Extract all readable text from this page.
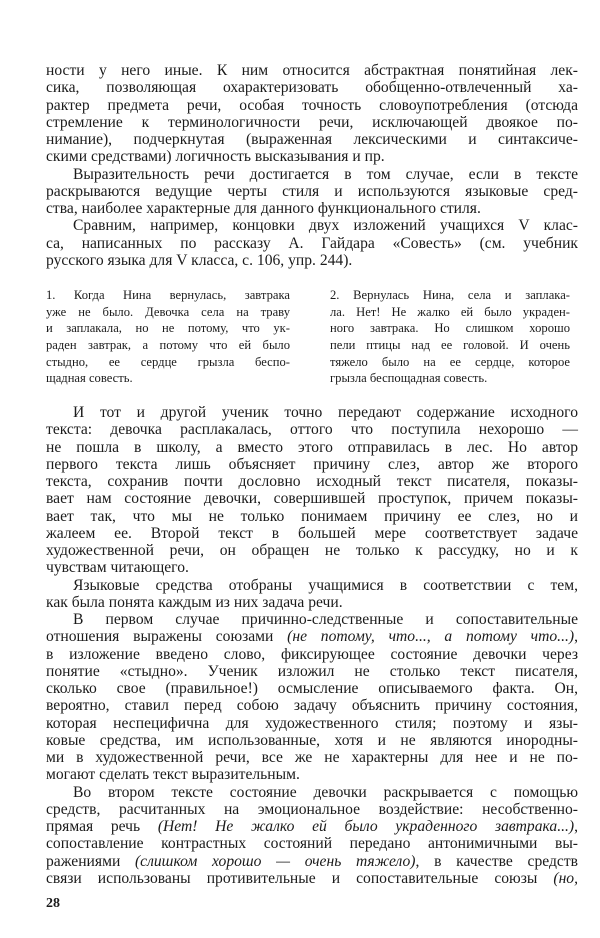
ности у него иные. К ним относится абстрактная понятийная лек-
сика, позволяющая охарактеризовать обобщенно-отвлеченный ха-
рактер предмета речи, особая точность словоупотребления (отсюда
стремление к терминологичности речи, исключающей двоякое по-
нимание), подчеркнутая (выраженная лексическими и синтаксиче-
скими средствами) логичность высказывания и пр.
Выразительность речи достигается в том случае, если в тексте
раскрываются ведущие черты стиля и используются языковые сред-
ства, наиболее характерные для данного функционального стиля.
Сравним, например, концовки двух изложений учащихся V клас-
са, написанных по рассказу А. Гайдара «Совесть» (см. учебник
русского языка для V класса, с. 106, упр. 244).
1. Когда Нина вернулась, завтрака
уже не было. Девочка села на траву
и заплакала, но не потому, что ук-
раден завтрак, а потому что ей было
стыдно, ее сердце грызла беспо-
щадная совесть.
2. Вернулась Нина, села и заплака-
ла. Нет! Не жалко ей было украден-
ного завтрака. Но слишком хорошо
пели птицы над ее головой. И очень
тяжело было на ее сердце, которое
грызла беспощадная совесть.
И тот и другой ученик точно передают содержание исходного
текста: девочка расплакалась, оттого что поступила нехорошо —
не пошла в школу, а вместо этого отправилась в лес. Но автор
первого текста лишь объясняет причину слез, автор же второго
текста, сохранив почти дословно исходный текст писателя, показы-
вает нам состояние девочки, совершившей проступок, причем показы-
вает так, что мы не только понимаем причину ее слез, но и
жалеем ее. Второй текст в большей мере соответствует задаче
художественной речи, он обращен не только к рассудку, но и к
чувствам читающего.
Языковые средства отобраны учащимися в соответствии с тем,
как была понята каждым из них задача речи.
В первом случае причинно-следственные и сопоставительные
отношения выражены союзами (не потому, что..., а потому что...),
в изложение введено слово, фиксирующее состояние девочки через
понятие «стыдно». Ученик изложил не столько текст писателя,
сколько свое (правильное!) осмысление описываемого факта. Он,
вероятно, ставил перед собою задачу объяснить причину состояния,
которая неспецифична для художественного стиля; поэтому и язы-
ковые средства, им использованные, хотя и не являются инородны-
ми в художественной речи, все же не характерны для нее и не по-
могают сделать текст выразительным.
Во втором тексте состояние девочки раскрывается с помощью
средств, расчитанных на эмоциональное воздействие: несобственно-
прямая речь (Нет! Не жалко ей было украденного завтрака...),
сопоставление контрастных состояний передано антонимичными вы-
ражениями (слишком хорошо — очень тяжело), в качестве средств
связи использованы противительные и сопоставительные союзы (но,
28
